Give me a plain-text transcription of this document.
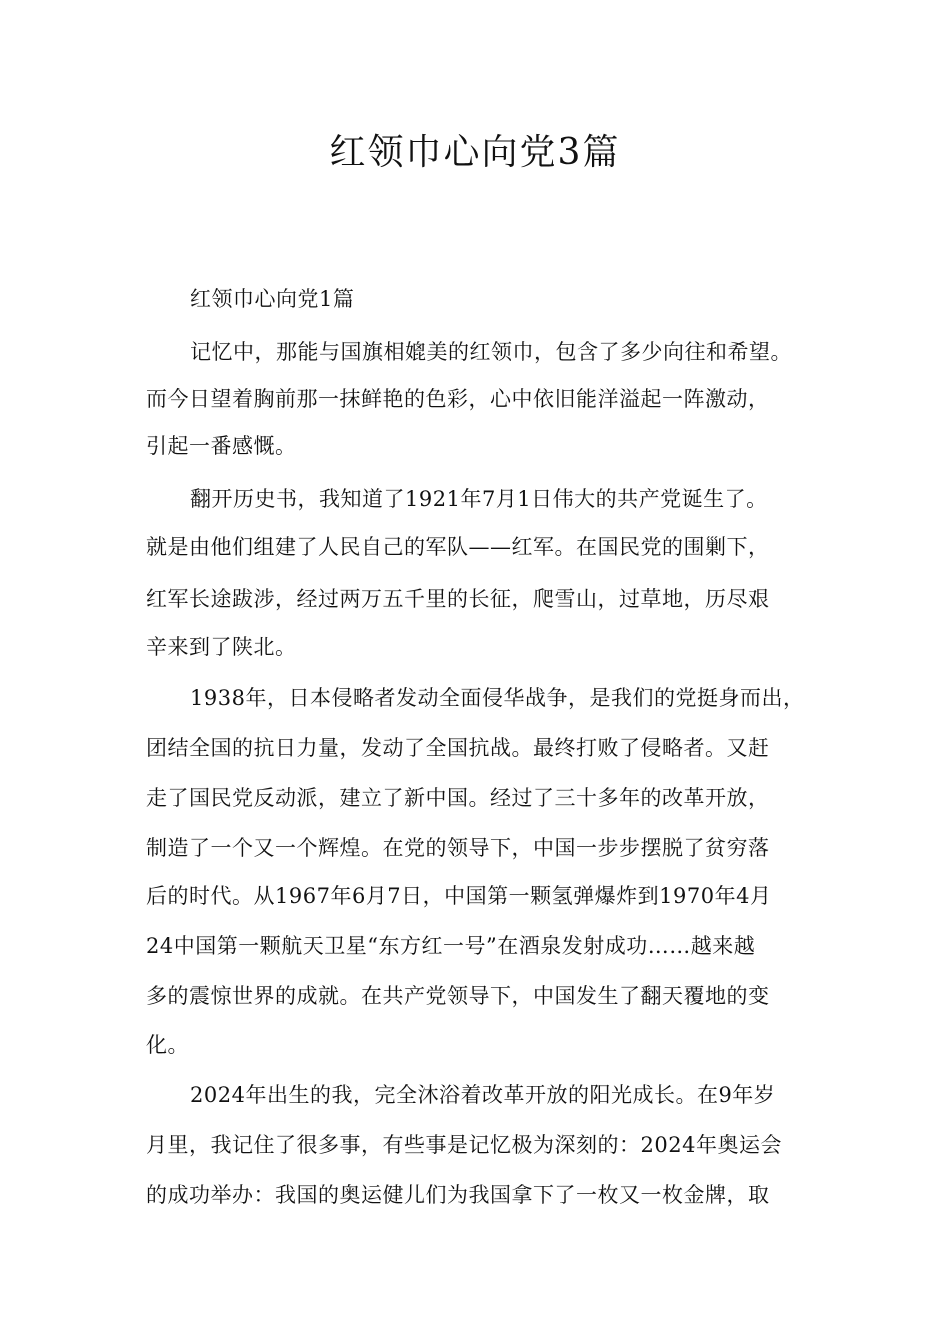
红领巾心向党3篇
红领巾心向党1篇
记忆中，那能与国旗相媲美的红领巾，包含了多少向往和希望。
而今日望着胸前那一抹鲜艳的色彩，心中依旧能洋溢起一阵激动，
引起一番感慨。
翻开历史书，我知道了1921年7月1日伟大的共产党诞生了。
就是由他们组建了人民自己的军队——红军。在国民党的围剿下，
红军长途跋涉，经过两万五千里的长征，爬雪山，过草地，历尽艰
辛来到了陕北。
1938年，日本侵略者发动全面侵华战争，是我们的党挺身而出，
团结全国的抗日力量，发动了全国抗战。最终打败了侵略者。又赶
走了国民党反动派，建立了新中国。经过了三十多年的改革开放，
制造了一个又一个辉煌。在党的领导下，中国一步步摆脱了贫穷落
后的时代。从1967年6月7日，中国第一颗氢弹爆炸到1970年4月
24中国第一颗航天卫星“东方红一号”在酒泉发射成功……越来越
多的震惊世界的成就。在共产党领导下，中国发生了翻天覆地的变
化。
2024年出生的我，完全沐浴着改革开放的阳光成长。在9年岁
月里，我记住了很多事，有些事是记忆极为深刻的：2024年奥运会
的成功举办：我国的奥运健儿们为我国拿下了一枚又一枚金牌，取
